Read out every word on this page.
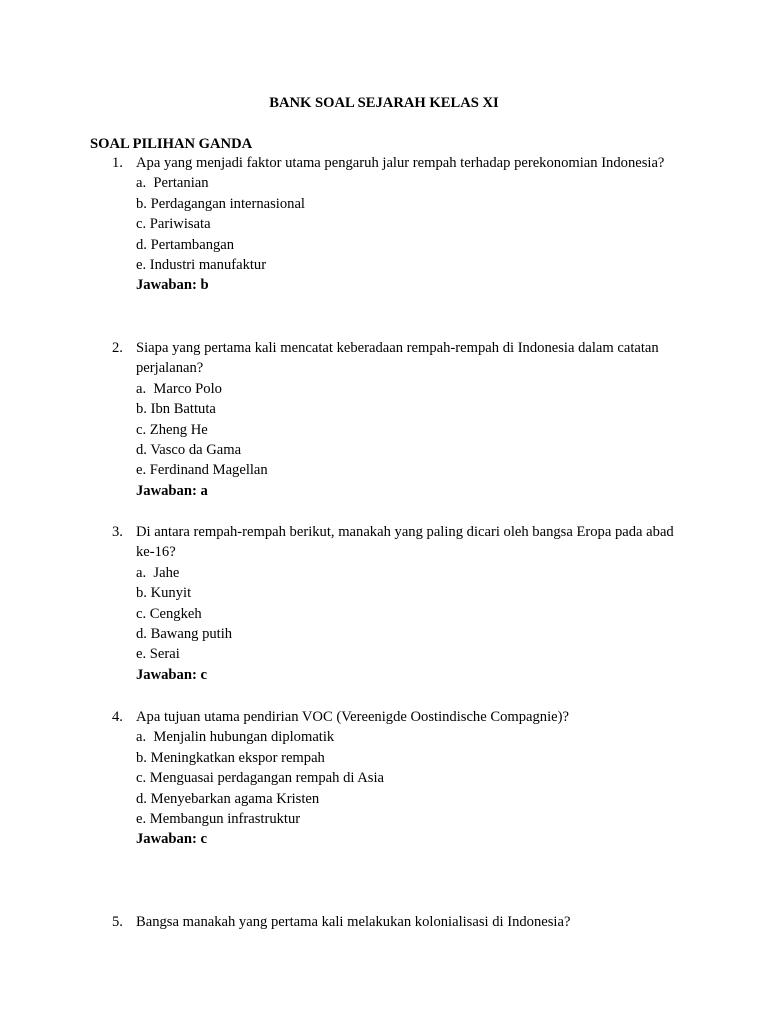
BANK SOAL SEJARAH KELAS XI
SOAL PILIHAN GANDA
1. Apa yang menjadi faktor utama pengaruh jalur rempah terhadap perekonomian Indonesia?
a.  Pertanian
b. Perdagangan internasional
c. Pariwisata
d. Pertambangan
e. Industri manufaktur
Jawaban: b
2. Siapa yang pertama kali mencatat keberadaan rempah-rempah di Indonesia dalam catatan perjalanan?
a.  Marco Polo
b. Ibn Battuta
c. Zheng He
d. Vasco da Gama
e. Ferdinand Magellan
Jawaban: a
3. Di antara rempah-rempah berikut, manakah yang paling dicari oleh bangsa Eropa pada abad ke-16?
a.  Jahe
b. Kunyit
c. Cengkeh
d. Bawang putih
e. Serai
Jawaban: c
4. Apa tujuan utama pendirian VOC (Vereenigde Oostindische Compagnie)?
a.  Menjalin hubungan diplomatik
b. Meningkatkan ekspor rempah
c. Menguasai perdagangan rempah di Asia
d. Menyebarkan agama Kristen
e. Membangun infrastruktur
Jawaban: c
5. Bangsa manakah yang pertama kali melakukan kolonialisasi di Indonesia?
